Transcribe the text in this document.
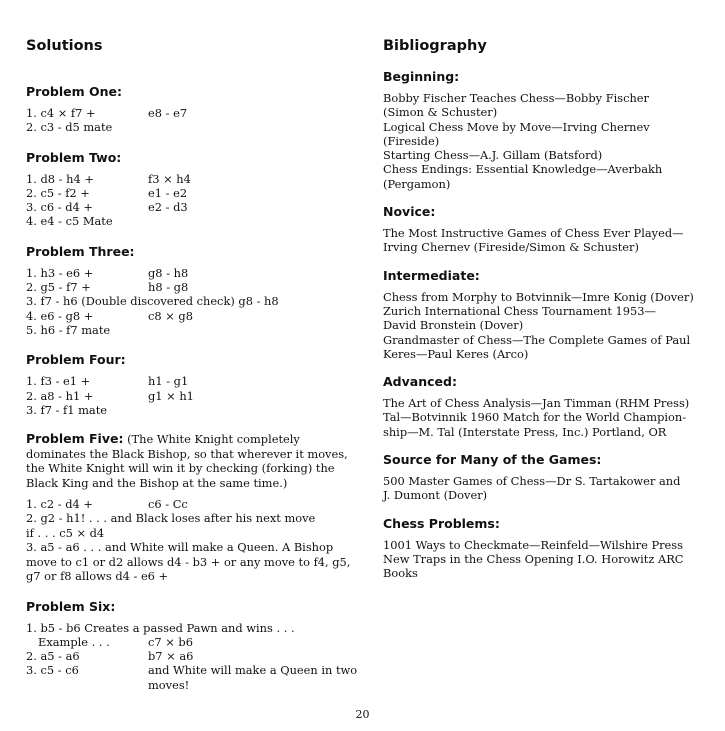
Solutions
Problem One:
1. c4 × f7 +	e8 - e7
2. c3 - d5 mate
Problem Two:
1. d8 - h4 +	f3 × h4
2. c5 - f2 +	e1 - e2
3. c6 - d4 +	e2 - d3
4. e4 - c5 Mate
Problem Three:
1. h3 - e6 +	g8 - h8
2. g5 - f7 +	h8 - g8
3. f7 - h6 (Double discovered check) g8 - h8
4. e6 - g8 +	c8 × g8
5. h6 - f7 mate
Problem Four:
1. f3 - e1 +	h1 - g1
2. a8 - h1 +	g1 × h1
3. f7 - f1 mate

Problem Five: (The White Knight completely dominates the Black Bishop, so that wherever it moves, the White Knight will win it by checking (forking) the Black King and the Bishop at the same time.)

1. c2 - d4 +	c6 - Cc
2. g2 - h1! . . . and Black loses after his next move
if . . . c5 × d4
3. a5 - a6 . . . and White will make a Queen. A Bishop move to c1 or d2 allows d4 - b3 + or any move to f4, g5, g7 or f8 allows d4 - e6 +
Problem Six:
1. b5 - b6 Creates a passed Pawn and wins . . .
Example . . .	c7 × b6
2. a5 - a6	b7 × a6
3. c5 - c6	and White will make a Queen in two moves!
Bibliography
Beginning:
Bobby Fischer Teaches Chess—Bobby Fischer
(Simon & Schuster)
Logical Chess Move by Move—Irving Chernev (Fireside)
Starting Chess—A.J. Gillam (Batsford)
Chess Endings: Essential Knowledge—Averbakh
(Pergamon)
Novice:
The Most Instructive Games of Chess Ever Played—
Irving Chernev (Fireside/Simon & Schuster)
Intermediate:
Chess from Morphy to Botvinnik—Imre Konig (Dover)
Zurich International Chess Tournament 1953—
David Bronstein (Dover)
Grandmaster of Chess—The Complete Games of Paul
Keres—Paul Keres (Arco)
Advanced:
The Art of Chess Analysis—Jan Timman (RHM Press)
Tal—Botvinnik 1960 Match for the World Champion-
ship—M. Tal (Interstate Press, Inc.) Portland, OR
Source for Many of the Games:
500 Master Games of Chess—Dr S. Tartakower and
J. Dumont (Dover)
Chess Problems:
1001 Ways to Checkmate—Reinfeld—Wilshire Press
New Traps in the Chess Opening I.O. Horowitz ARC
Books
20
